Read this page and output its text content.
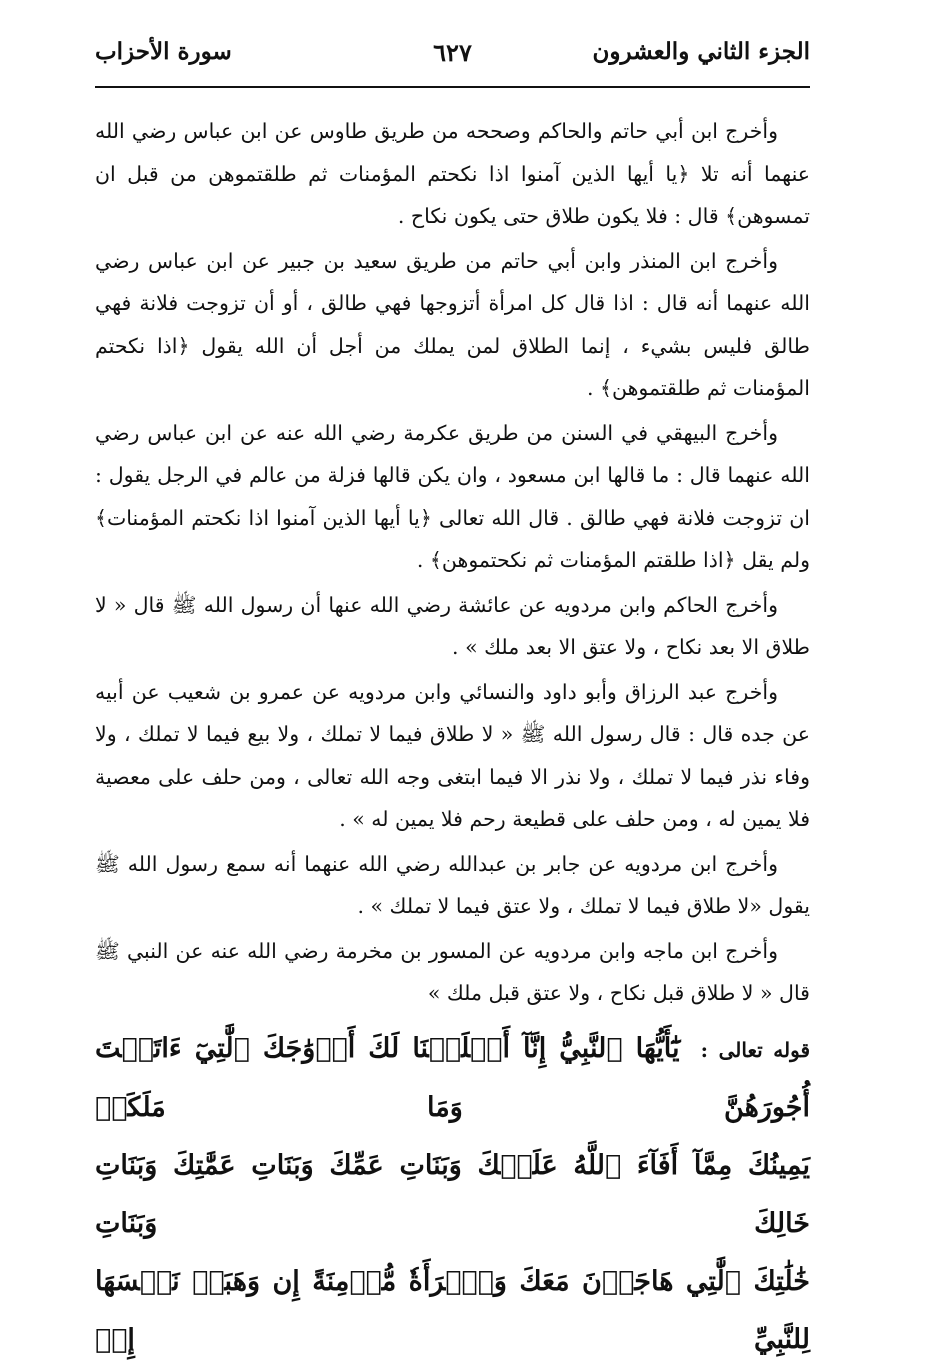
الجزء الثاني والعشرون
٦٢٧
سورة الأحزاب

وأخرج ابن أبي حاتم والحاكم وصححه من طريق طاوس عن ابن عباس رضي الله عنهما أنه تلا ﴿يا أيها الذين آمنوا اذا نكحتم المؤمنات ثم طلقتموهن من قبل ان تمسوهن﴾ قال : فلا يكون طلاق حتى يكون نكاح .

وأخرج ابن المنذر وابن أبي حاتم من طريق سعيد بن جبير عن ابن عباس رضي الله عنهما أنه قال : اذا قال كل امرأة أتزوجها فهي طالق ، أو أن تزوجت فلانة فهي طالق فليس بشيء ، إنما الطلاق لمن يملك من أجل أن الله يقول ﴿اذا نكحتم المؤمنات ثم طلقتموهن﴾ .

وأخرج البيهقي في السنن من طريق عكرمة رضي الله عنه عن ابن عباس رضي الله عنهما قال : ما قالها ابن مسعود ، وان يكن قالها فزلة من عالم في الرجل يقول : ان تزوجت فلانة فهي طالق . قال الله تعالى ﴿يا أيها الذين آمنوا اذا نكحتم المؤمنات﴾ ولم يقل ﴿اذا طلقتم المؤمنات ثم نكحتموهن﴾ .

وأخرج الحاكم وابن مردويه عن عائشة رضي الله عنها أن رسول الله ﷺ قال « لا طلاق الا بعد نكاح ، ولا عتق الا بعد ملك » .

وأخرج عبد الرزاق وأبو داود والنسائي وابن مردويه عن عمرو بن شعيب عن أبيه عن جده قال : قال رسول الله ﷺ « لا طلاق فيما لا تملك ، ولا بيع فيما لا تملك ، ولا وفاء نذر فيما لا تملك ، ولا نذر الا فيما ابتغى وجه الله تعالى ، ومن حلف على معصية فلا يمين له ، ومن حلف على قطيعة رحم فلا يمين له » .

وأخرج ابن مردويه عن جابر بن عبدالله رضي الله عنهما أنه سمع رسول الله ﷺ يقول «لا طلاق فيما لا تملك ، ولا عتق فيما لا تملك » .

وأخرج ابن ماجه وابن مردويه عن المسور بن مخرمة رضي الله عنه عن النبي ﷺ قال « لا طلاق قبل نكاح ، ولا عتق قبل ملك »

قوله تعالى : يَٰٓأَيُّهَا ٱلنَّبِيُّ إِنَّآ أَحۡلَلۡنَا لَكَ أَزۡوَٰجَكَ ٱلَّٰتِيٓ ءَاتَيۡتَ أُجُورَهُنَّ وَمَا مَلَكَتۡ

يَمِينُكَ مِمَّآ أَفَآءَ ٱللَّهُ عَلَيۡكَ وَبَنَاتِ عَمِّكَ وَبَنَاتِ عَمَّٰتِكَ وَبَنَاتِ خَالِكَ وَبَنَاتِ

خَٰلَٰتِكَ ٱلَّٰتِي هَاجَرۡنَ مَعَكَ وَٱمۡرَأَةٗ مُّؤۡمِنَةً إِن وَهَبَتۡ نَفۡسَهَا لِلنَّبِيِّ إِنۡ
